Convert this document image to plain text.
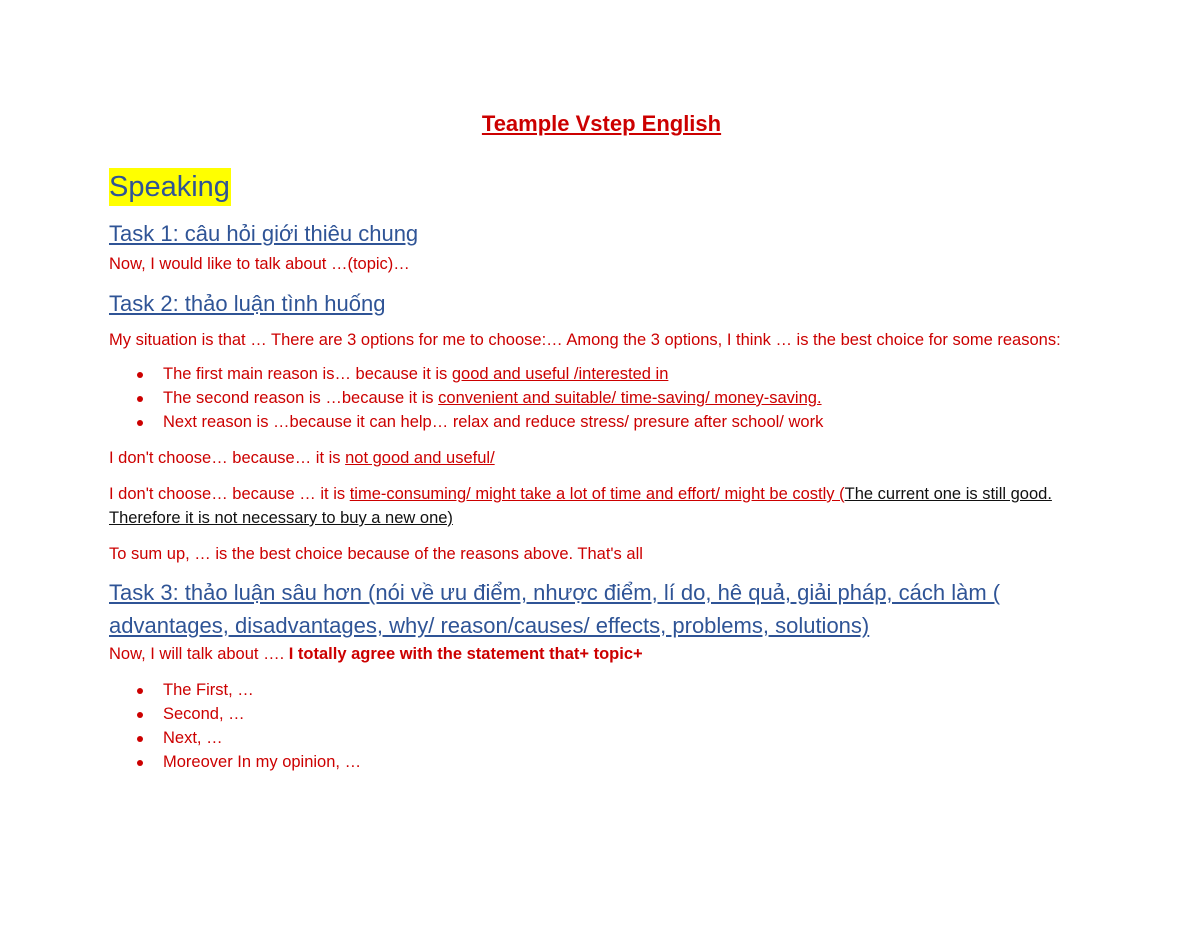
Teample Vstep English
Speaking
Task 1: câu hỏi giới thiêu chung

Now, I would like to talk about …(topic)…

Task 2: thảo luận tình huống

My situation is that … There are 3 options for me to choose:… Among the 3 options, I think … is the best choice for some reasons:

The first main reason is… because it is good and useful /interested in
The second reason is …because it is convenient and suitable/ time-saving/ money-saving.
Next reason is …because it can help… relax and reduce stress/ presure after school/ work

I don't choose… because… it is not good and useful/

I don't choose… because … it is time-consuming/ might take a lot of time and effort/ might be costly (The current one is still good. Therefore it is not necessary to buy a new one)

To sum up, … is the best choice because of the reasons above. That's all

Task 3: thảo luận sâu hơn (nói về ưu điểm, nhược điểm, lí do, hê quả, giải pháp, cách làm ( advantages, disadvantages, why/ reason/causes/ effects, problems, solutions)

Now, I will talk about …. I totally agree with the statement that+ topic+

The First, …
Second, …
Next, …
Moreover In my opinion, …
